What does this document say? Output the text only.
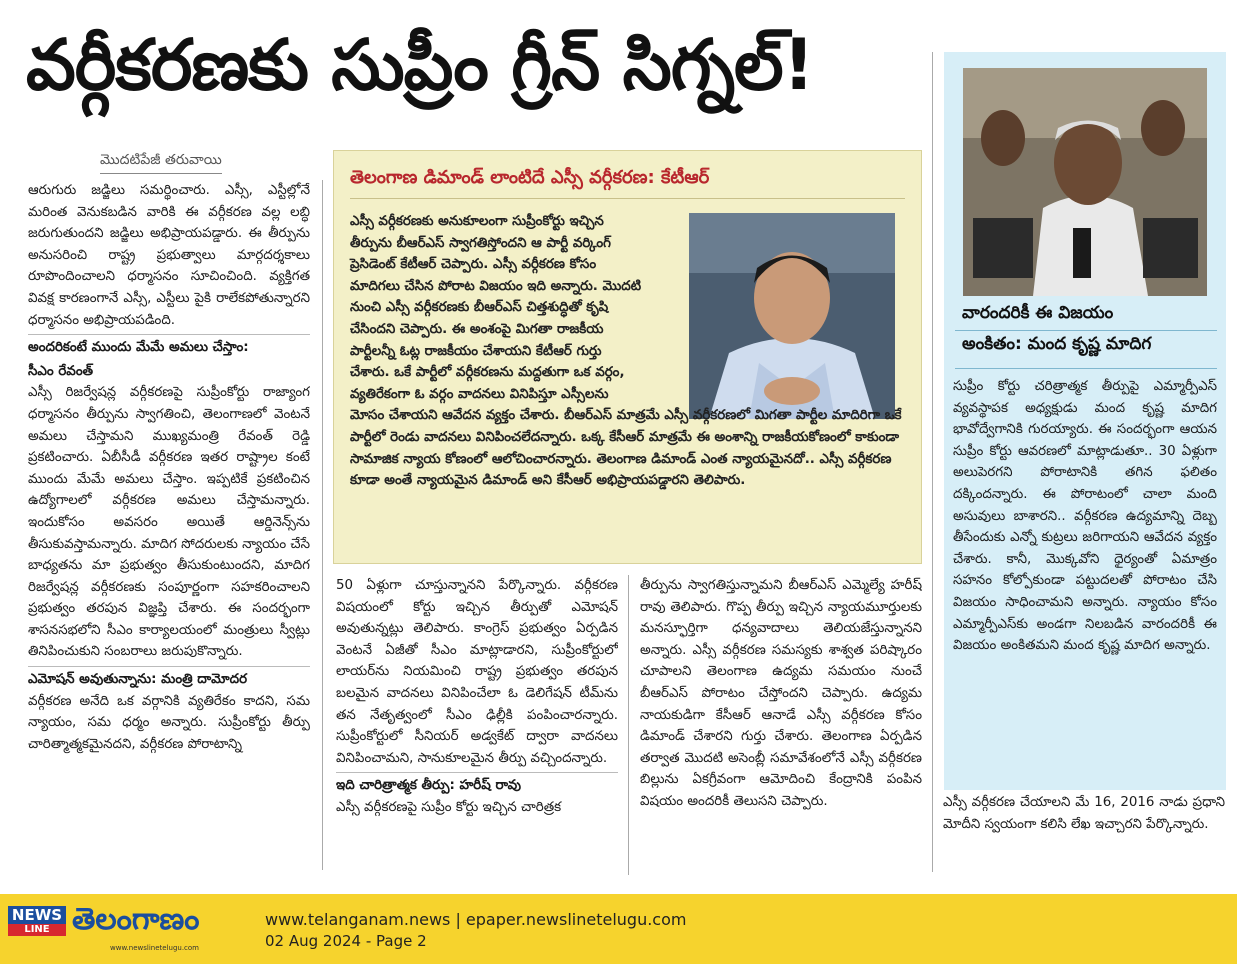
వర్గీకరణకు సుప్రీం గ్రీన్ సిగ్నల్!
మొదటిపేజీ తరువాయి

ఆరుగురు జడ్జిలు సమర్థించారు. ఎస్సీ, ఎస్టీల్లోనే మరింత వెనుకబడిన వారికి ఈ వర్గీకరణ వల్ల లబ్ధి జరుగుతుందని జడ్జిలు అభిప్రాయపడ్డారు. ఈ తీర్పును అనుసరించి రాష్ట్ర ప్రభుత్వాలు మార్గదర్శకాలు రూపొందించాలని ధర్మాసనం సూచించింది. వ్యక్తిగత వివక్ష కారణంగానే ఎస్సీ, ఎస్టీలు పైకి రాలేకపోతున్నారని ధర్మాసనం అభిప్రాయపడింది.

అందరికంటే ముందు మేమే అమలు చేస్తాం:

సీఎం రేవంత్

ఎస్సీ రిజర్వేషన్ల వర్గీకరణపై సుప్రీంకోర్టు రాజ్యాంగ ధర్మాసనం తీర్పును స్వాగతించి, తెలంగాణలో వెంటనే అమలు చేస్తామని ముఖ్యమంత్రి రేవంత్ రెడ్డి ప్రకటించారు. ఏబీసీడీ వర్గీకరణ ఇతర రాష్ట్రాల కంటే ముందు మేమే అమలు చేస్తాం. ఇప్పటికే ప్రకటించిన ఉద్యోగాలలో వర్గీకరణ అమలు చేస్తామన్నారు. ఇందుకోసం అవసరం అయితే ఆర్డినెన్స్‌ను తీసుకువస్తామన్నారు. మాదిగ సోదరులకు న్యాయం చేసే బాధ్యతను మా ప్రభుత్వం తీసుకుంటుందని, మాదిగ రిజర్వేషన్ల వర్గీకరణకు సంపూర్ణంగా సహకరించాలని ప్రభుత్వం తరపున విజ్ఞప్తి చేశారు. ఈ సందర్భంగా శాసనసభలోని సీఎం కార్యాలయంలో మంత్రులు స్వీట్లు తినిపించుకుని సంబరాలు జరుపుకొన్నారు.

ఎమోషన్ అవుతున్నాను: మంత్రి దామోదర

వర్గీకరణ అనేది ఒక వర్గానికి వ్యతిరేకం కాదని, సమ న్యాయం, సమ ధర్మం అన్నారు. సుప్రీంకోర్టు తీర్పు చారిత్మాత్మకమైనదని, వర్గీకరణ పోరాటాన్ని

తెలంగాణ డిమాండ్ లాంటిదే ఎస్సీ వర్గీకరణ: కేటీఆర్
ఎస్సీ వర్గీకరణకు అనుకూలంగా సుప్రీంకోర్టు ఇచ్చిన
తీర్పును బీఆర్ఎస్ స్వాగతిస్తోందని ఆ పార్టీ వర్కింగ్
ప్రెసిడెంట్ కేటీఆర్ చెప్పారు. ఎస్సీ వర్గీకరణ కోసం
మాదిగలు చేసిన పోరాట విజయం ఇది అన్నారు. మొదటి
నుంచి ఎస్సీ వర్గీకరణకు బీఆర్ఎస్ చిత్తశుద్ధితో కృషి
చేసిందని చెప్పారు. ఈ అంశంపై మిగతా రాజకీయ
పార్టీలన్నీ ఓట్ల రాజకీయం చేశాయని కేటీఆర్ గుర్తు
చేశారు. ఒకే పార్టీలో వర్గీకరణను మద్దతుగా ఒక వర్గం,
వ్యతిరేకంగా ఓ వర్గం వాదనలు వినిపిస్తూ ఎస్సీలను
మోసం చేశాయని ఆవేదన వ్యక్తం చేశారు. బీఆర్ఎస్ మాత్రమే ఎస్సీ వర్గీకరణలో మిగతా పార్టీల మాదిరిగా ఒకే పార్టీలో రెండు వాదనలు వినిపించలేదన్నారు. ఒక్క కేసీఆర్ మాత్రమే ఈ అంశాన్ని రాజకీయకోణంలో కాకుండా సామాజిక న్యాయ కోణంలో ఆలోచించారన్నారు. తెలంగాణ డిమాండ్ ఎంత న్యాయమైనదో.. ఎస్సీ వర్గీకరణ కూడా అంతే న్యాయమైన డిమాండ్ అని కేసీఆర్ అభిప్రాయపడ్డారని తెలిపారు.

50 ఏళ్లుగా చూస్తున్నానని పేర్కొన్నారు. వర్గీకరణ విషయంలో కోర్టు ఇచ్చిన తీర్పుతో ఎమోషన్ అవుతున్నట్లు తెలిపారు. కాంగ్రెస్ ప్రభుత్వం ఏర్పడిన వెంటనే ఏజీతో సీఎం మాట్లాడారని, సుప్రీంకోర్టులో లాయర్‌ను నియమించి రాష్ట్ర ప్రభుత్వం తరపున బలమైన వాదనలు వినిపించేలా ఓ డెలిగేషన్ టీమ్‌ను తన నేతృత్వంలో సీఎం ఢిల్లీకి పంపించారన్నారు. సుప్రీంకోర్టులో సీనియర్ అడ్వకేట్ ద్వారా వాదనలు వినిపించామని, సానుకూలమైన తీర్పు వచ్చిందన్నారు.

ఇది చారిత్రాత్మక తీర్పు: హరీష్ రావు

ఎస్సీ వర్గీకరణపై సుప్రీం కోర్టు ఇచ్చిన చారిత్రక

తీర్పును స్వాగతిస్తున్నామని బీఆర్ఎస్ ఎమ్మెల్యే హరీష్ రావు తెలిపారు. గొప్ప తీర్పు ఇచ్చిన న్యాయమూర్తులకు మనస్ఫూర్తిగా ధన్యవాదాలు తెలియజేస్తున్నానని అన్నారు. ఎస్సీ వర్గీకరణ సమస్యకు శాశ్వత పరిష్కారం చూపాలని తెలంగాణ ఉద్యమ సమయం నుంచే బీఆర్ఎస్ పోరాటం చేస్తోందని చెప్పారు. ఉద్యమ నాయకుడిగా కేసీఆర్ ఆనాడే ఎస్సీ వర్గీకరణ కోసం డిమాండ్ చేశారని గుర్తు చేశారు. తెలంగాణ ఏర్పడిన తర్వాత మొదటి అసెంబ్లీ సమావేశంలోనే ఎస్సీ వర్గీకరణ బిల్లును ఏకగ్రీవంగా ఆమోదించి కేంద్రానికి పంపిన విషయం అందరికీ తెలుసని చెప్పారు.

వారందరికీ ఈ విజయం
అంకితం: మంద కృష్ణ మాదిగ

సుప్రీం కోర్టు చరిత్రాత్మక తీర్పుపై ఎమ్మార్పీఎస్ వ్యవస్థాపక అధ్యక్షుడు మంద కృష్ణ మాదిగ భావోద్వేగానికి గురయ్యారు. ఈ సందర్భంగా ఆయన సుప్రీం కోర్టు ఆవరణలో మాట్లాడుతూ.. 30 ఏళ్లుగా అలుపెరగని పోరాటానికి తగిన ఫలితం దక్కిందన్నారు. ఈ పోరాటంలో చాలా మంది అసువులు బాశారని.. వర్గీకరణ ఉద్యమాన్ని దెబ్బ తీసేందుకు ఎన్నో కుట్రలు జరిగాయని ఆవేదన వ్యక్తం చేశారు. కానీ, మొక్కవోని ధైర్యంతో ఏమాత్రం సహనం కోల్పోకుండా పట్టుదలతో పోరాటం చేసి విజయం సాధించామని అన్నారు. న్యాయం కోసం ఎమ్మార్పీఎస్‌కు అండగా నిలబడిన వారందరికీ ఈ విజయం అంకితమని మంద కృష్ణ మాదిగ అన్నారు.

ఎస్సీ వర్గీకరణ చేయాలని మే 16, 2016 నాడు ప్రధాని మోదీని స్వయంగా కలిసి లేఖ ఇచ్చారని పేర్కొన్నారు.

NEWS
LINE తెలంగాణం
www.newslinetelugu.com
www.telanganam.news | epaper.newslinetelugu.com
02 Aug 2024 - Page 2
